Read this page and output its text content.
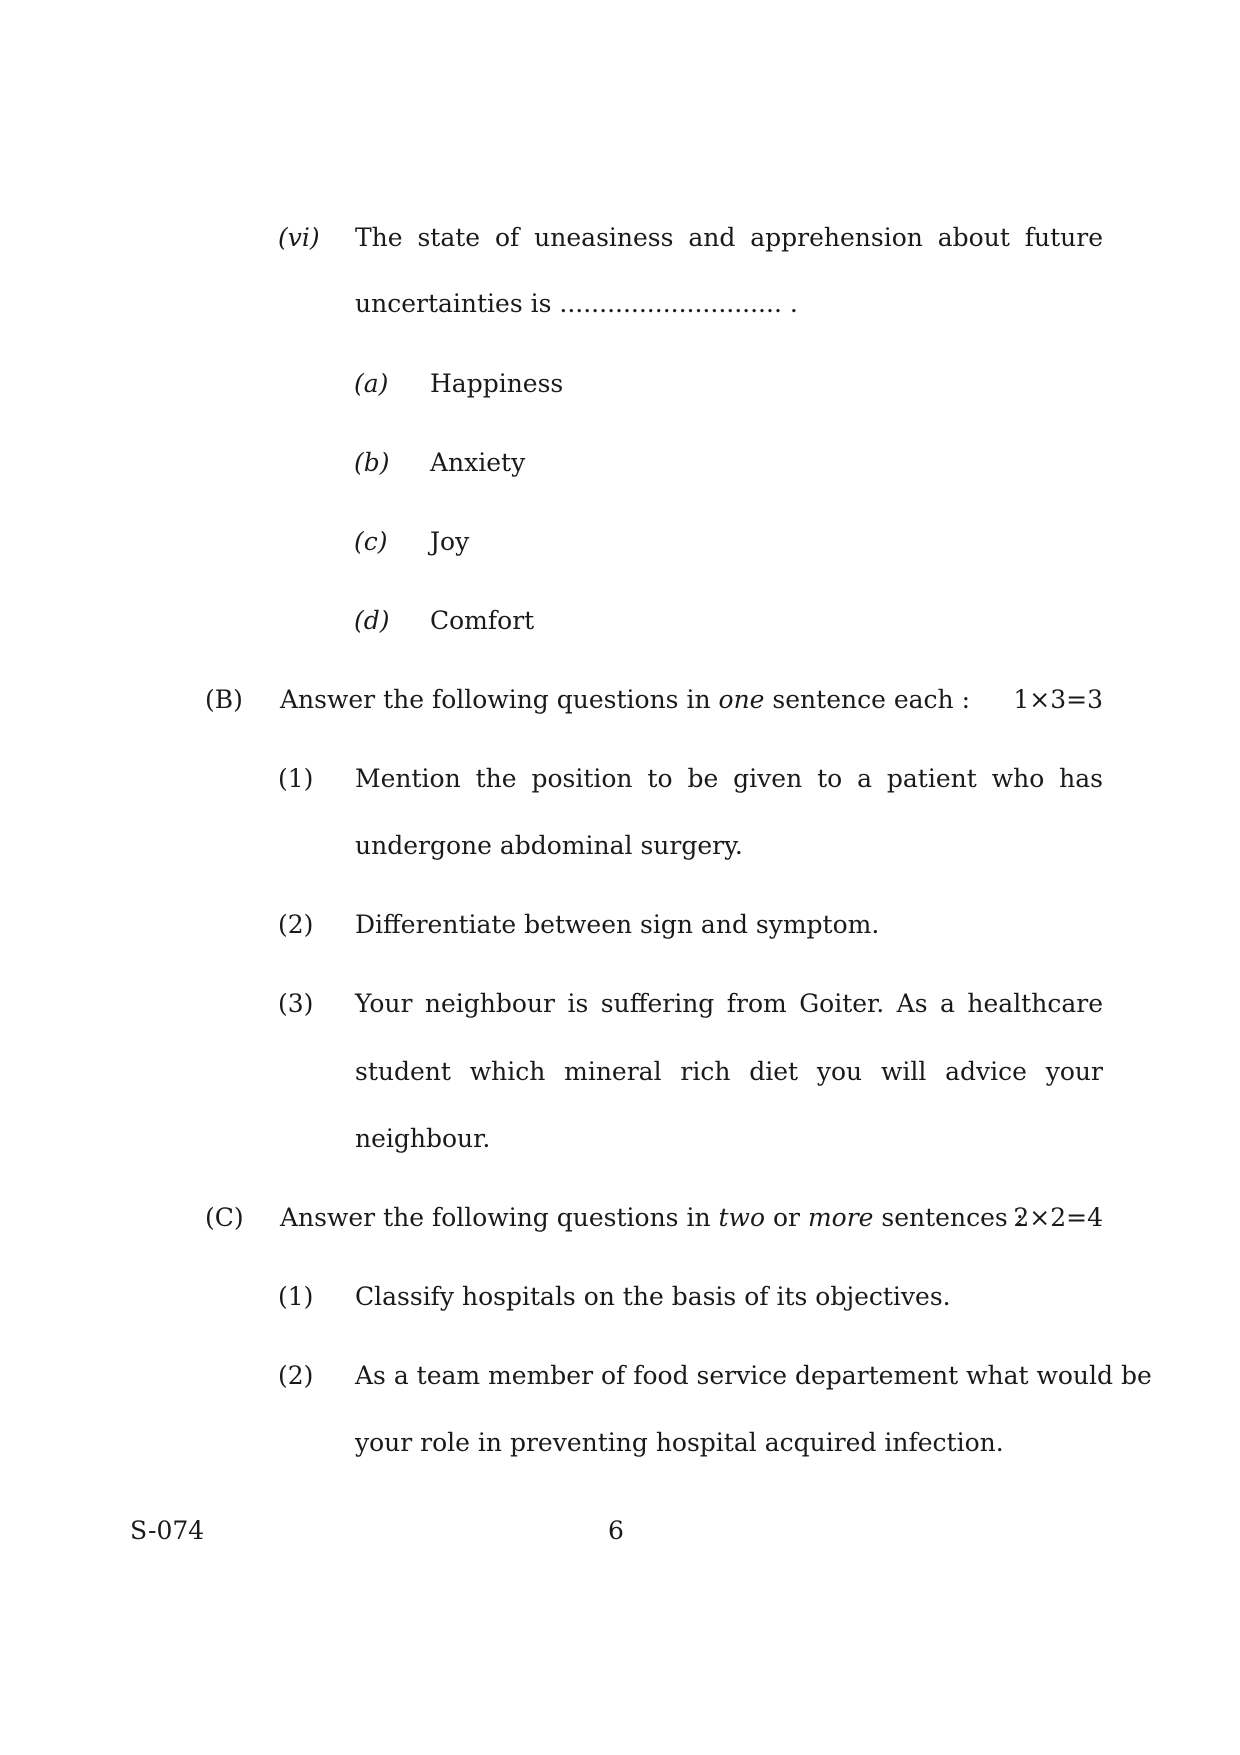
(vi) The state of uneasiness and apprehension about future
uncertainties is ............................ .
(a) Happiness
(b) Anxiety
(c) Joy
(d) Comfort
(B) Answer the following questions in one sentence each :	1×3=3
(1) Mention the position to be given to a patient who has
undergone abdominal surgery.
(2) Differentiate between sign and symptom.
(3) Your neighbour is suffering from Goiter. As a healthcare
student which mineral rich diet you will advice your
neighbour.
(C) Answer the following questions in two or more sentences :
2×2=4
(1) Classify hospitals on the basis of its objectives.
(2) As a team member of food service departement what would be
your role in preventing hospital acquired infection.
S-074	6
